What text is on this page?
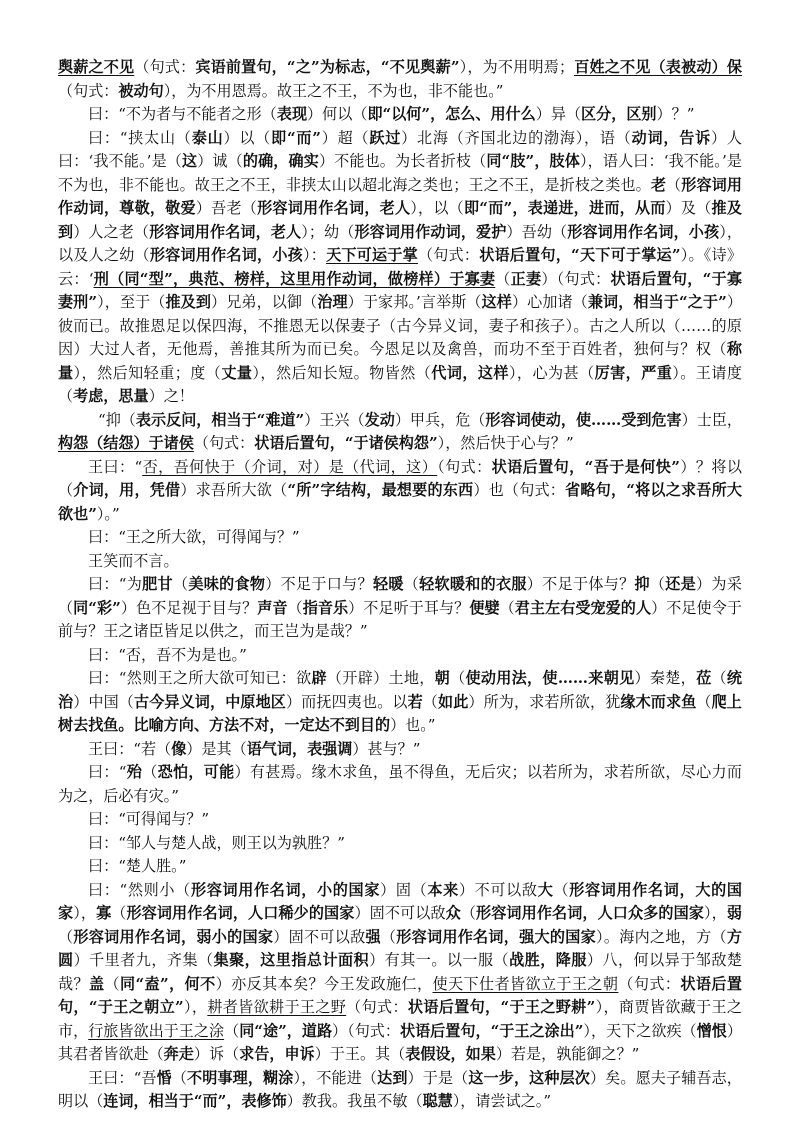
舆薪之不见（句式：宾语前置句，“之”为标志，“不见舆薪”），为不用明焉；百姓之不见（表被动）保（句式：被动句），为不用恩焉。故王之不王，不为也，非不能也。”

曰：“不为者与不能者之形（表现）何以（即“以何”，怎么、用什么）异（区分，区别）？”

曰：“挟太山（泰山）以（即“而”）超（跃过）北海（齐国北边的渤海），语（动词，告诉）人曰：‘我不能。’是（这）诚（的确，确实）不能也。为长者折枝（同“肢”，肢体），语人曰：‘我不能。’是不为也，非不能也。故王之不王，非挟太山以超北海之类也；王之不王，是折枝之类也。老（形容词用作动词，尊敬，敬爱）吾老（形容词用作名词，老人），以（即“而”，表递进，进而，从而）及（推及到）人之老（形容词用作名词，老人）；幼（形容词用作动词，爱护）吾幼（形容词用作名词，小孩），以及人之幼（形容词用作名词，小孩）：天下可运于掌（句式：状语后置句，“天下可于掌运”）。《诗》云：‘刑（同“型”，典范、榜样，这里用作动词，做榜样）于寡妻（正妻）（句式：状语后置句，“于寡妻刑”），至于（推及到）兄弟，以御（治理）于家邦。’言举斯（这样）心加诸（兼词，相当于“之于”）彼而已。故推恩足以保四海，不推恩无以保妻子（古今异义词，妻子和孩子）。古之人所以（……的原因）大过人者，无他焉，善推其所为而已矣。今恩足以及禽兽，而功不至于百姓者，独何与？权（称量），然后知轻重；度（丈量），然后知长短。物皆然（代词，这样），心为甚（厉害，严重）。王请度（考虑，思量）之！

“抑（表示反问，相当于“难道”）王兴（发动）甲兵，危（形容词使动，使……受到危害）士臣，构怨（结怨）于诸侯（句式：状语后置句，“于诸侯构怨”），然后快于心与？”

王曰：“否，吾何快于（介词，对）是（代词，这）（句式：状语后置句，“吾于是何快”）？将以（介词，用，凭借）求吾所大欲（“所”字结构，最想要的东西）也（句式：省略句，“将以之求吾所大欲也”）。”

曰：“王之所大欲，可得闻与？”

王笑而不言。

曰：“为肥甘（美味的食物）不足于口与？轻暖（轻软暖和的衣服）不足于体与？抑（还是）为采（同“彩”）色不足视于目与？声音（指音乐）不足听于耳与？便嬖（君主左右受宠爱的人）不足使令于前与？王之诸臣皆足以供之，而王岂为是哉？”

曰：“否，吾不为是也。”

曰：“然则王之所大欲可知已：欲辟（开辟）土地，朝（使动用法，使……来朝见）秦楚，莅（统治）中国（古今异义词，中原地区）而抚四夷也。以若（如此）所为，求若所欲，犹缘木而求鱼（爬上树去找鱼。比喻方向、方法不对，一定达不到目的）也。”

王曰：“若（像）是其（语气词，表强调）甚与？”

曰：“殆（恐怕，可能）有甚焉。缘木求鱼，虽不得鱼，无后灾；以若所为，求若所欲，尽心力而为之，后必有灾。”

曰：“可得闻与？”

曰：“邹人与楚人战，则王以为孰胜？”

曰：“楚人胜。”

曰：“然则小（形容词用作名词，小的国家）固（本来）不可以敌大（形容词用作名词，大的国家），寡（形容词用作名词，人口稀少的国家）固不可以敌众（形容词用作名词，人口众多的国家），弱（形容词用作名词，弱小的国家）固不可以敌强（形容词用作名词，强大的国家）。海内之地，方（方圆）千里者九，齐集（集聚，这里指总计面积）有其一。以一服（战胜，降服）八，何以异于邹敌楚哉？盖（同“盍”，何不）亦反其本矣？今王发政施仁，使天下仕者皆欲立于王之朝（句式：状语后置句，“于王之朝立”），耕者皆欲耕于王之野（句式：状语后置句，“于王之野耕”），商贾皆欲藏于王之市，行旅皆欲出于王之涂（同“途”，道路）（句式：状语后置句，“于王之涂出”），天下之欲疾（憎恨）其君者皆欲赴（奔走）诉（求告，申诉）于王。其（表假设，如果）若是，孰能御之？”

王曰：“吾惛（不明事理，糊涂），不能进（达到）于是（这一步，这种层次）矣。愿夫子辅吾志，明以（连词，相当于“而”，表修饰）教我。我虽不敏（聪慧），请尝试之。”
